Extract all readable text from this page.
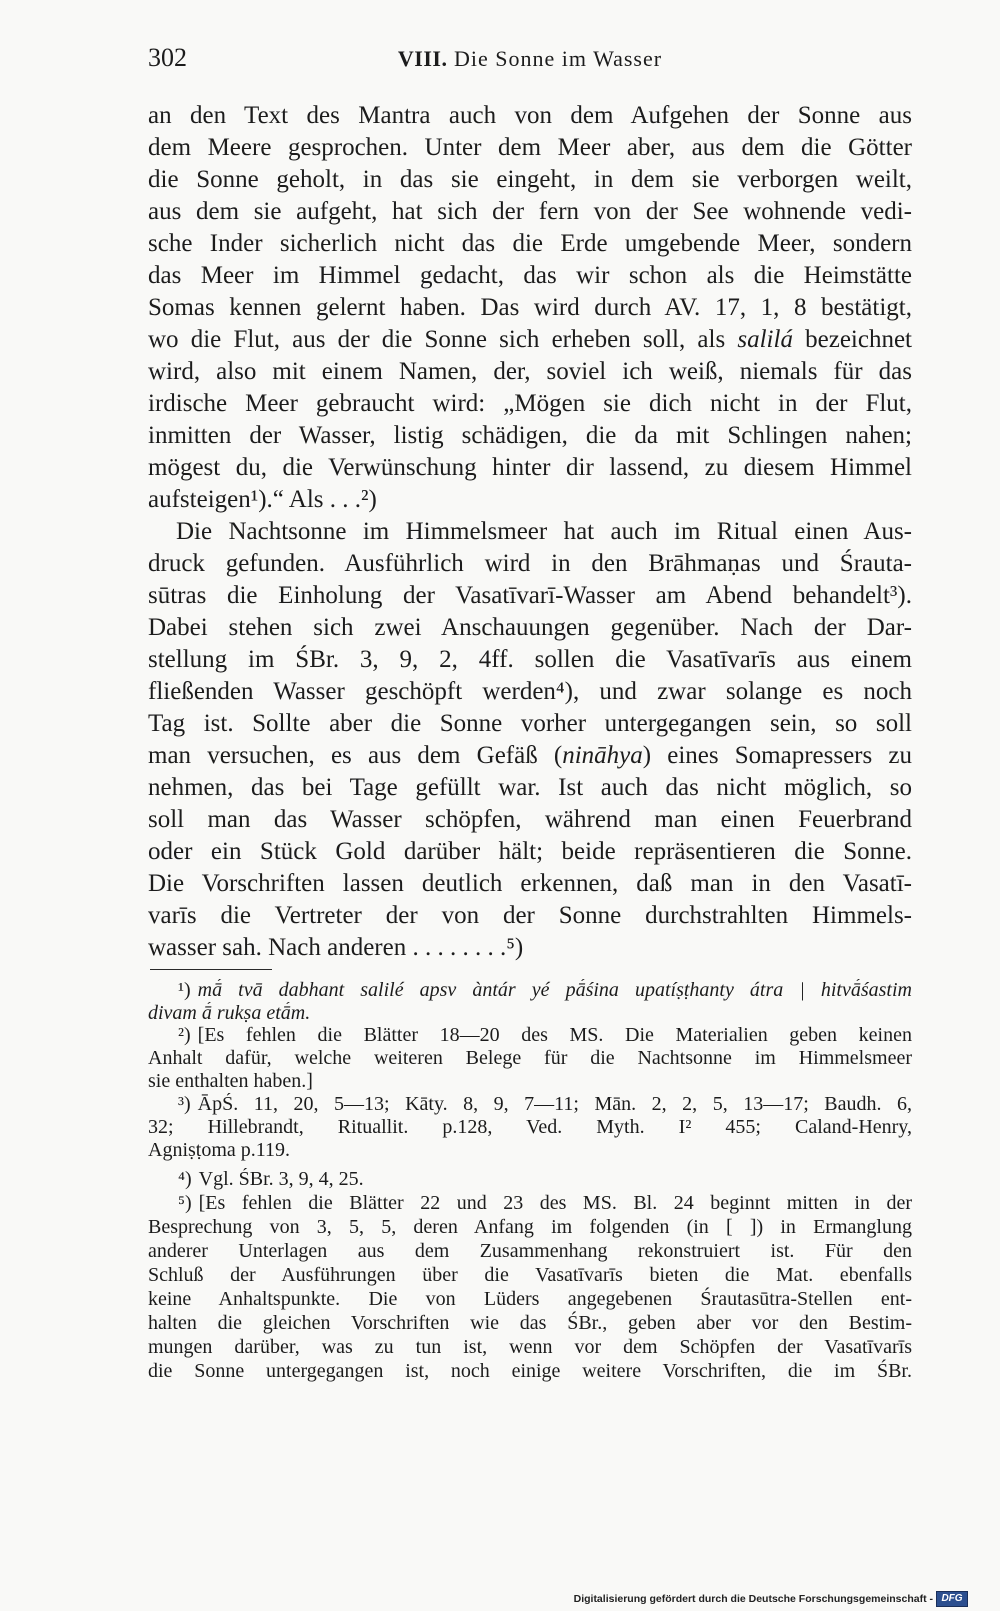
302	VIII. Die Sonne im Wasser
an den Text des Mantra auch von dem Aufgehen der Sonne aus
dem Meere gesprochen. Unter dem Meer aber, aus dem die Götter
die Sonne geholt, in das sie eingeht, in dem sie verborgen weilt,
aus dem sie aufgeht, hat sich der fern von der See wohnende vedi-
sche Inder sicherlich nicht das die Erde umgebende Meer, sondern
das Meer im Himmel gedacht, das wir schon als die Heimstätte
Somas kennen gelernt haben. Das wird durch AV. 17, 1, 8 bestätigt,
wo die Flut, aus der die Sonne sich erheben soll, als salilá bezeichnet
wird, also mit einem Namen, der, soviel ich weiß, niemals für das
irdische Meer gebraucht wird: „Mögen sie dich nicht in der Flut,
inmitten der Wasser, listig schädigen, die da mit Schlingen nahen;
mögest du, die Verwünschung hinter dir lassend, zu diesem Himmel
aufsteigen¹).“ Als . . .²)
Die Nachtsonne im Himmelsmeer hat auch im Ritual einen Aus-
druck gefunden. Ausführlich wird in den Brāhmaṇas und Śrauta-
sūtras die Einholung der Vasatīvarī-Wasser am Abend behandelt³).
Dabei stehen sich zwei Anschauungen gegenüber. Nach der Dar-
stellung im ŚBr. 3, 9, 2, 4ff. sollen die Vasatīvarīs aus einem
fließenden Wasser geschöpft werden⁴), und zwar solange es noch
Tag ist. Sollte aber die Sonne vorher untergegangen sein, so soll
man versuchen, es aus dem Gefäß (nināhya) eines Somapressers zu
nehmen, das bei Tage gefüllt war. Ist auch das nicht möglich, so
soll man das Wasser schöpfen, während man einen Feuerbrand
oder ein Stück Gold darüber hält; beide repräsentieren die Sonne.
Die Vorschriften lassen deutlich erkennen, daß man in den Vasatī-
varīs die Vertreter der von der Sonne durchstrahlten Himmels-
wasser sah. Nach anderen . . . . . . . .⁵)
¹) mā́ tvā dabhant salilé apsv àntár yé pā́śina upatíṣṭhanty átra | hitvā́śastim
divam ā́ rukṣa etā́m.
²) [Es fehlen die Blätter 18—20 des MS. Die Materialien geben keinen
Anhalt dafür, welche weiteren Belege für die Nachtsonne im Himmelsmeer
sie enthalten haben.]
³) ĀpŚ. 11, 20, 5—13; Kāty. 8, 9, 7—11; Mān. 2, 2, 5, 13—17; Baudh. 6,
32; Hillebrandt, Rituallit. p.128, Ved. Myth. I² 455; Caland-Henry,
Agniṣṭoma p.119.
⁴) Vgl. ŚBr. 3, 9, 4, 25.
⁵) [Es fehlen die Blätter 22 und 23 des MS. Bl. 24 beginnt mitten in der
Besprechung von 3, 5, 5, deren Anfang im folgenden (in [ ]) in Ermanglung
anderer Unterlagen aus dem Zusammenhang rekonstruiert ist. Für den
Schluß der Ausführungen über die Vasatīvarīs bieten die Mat. ebenfalls
keine Anhaltspunkte. Die von Lüders angegebenen Śrautasūtra-Stellen ent-
halten die gleichen Vorschriften wie das ŚBr., geben aber vor den Bestim-
mungen darüber, was zu tun ist, wenn vor dem Schöpfen der Vasatīvarīs
die Sonne untergegangen ist, noch einige weitere Vorschriften, die im ŚBr.
Digitalisierung gefördert durch die Deutsche Forschungsgemeinschaft - DFG
